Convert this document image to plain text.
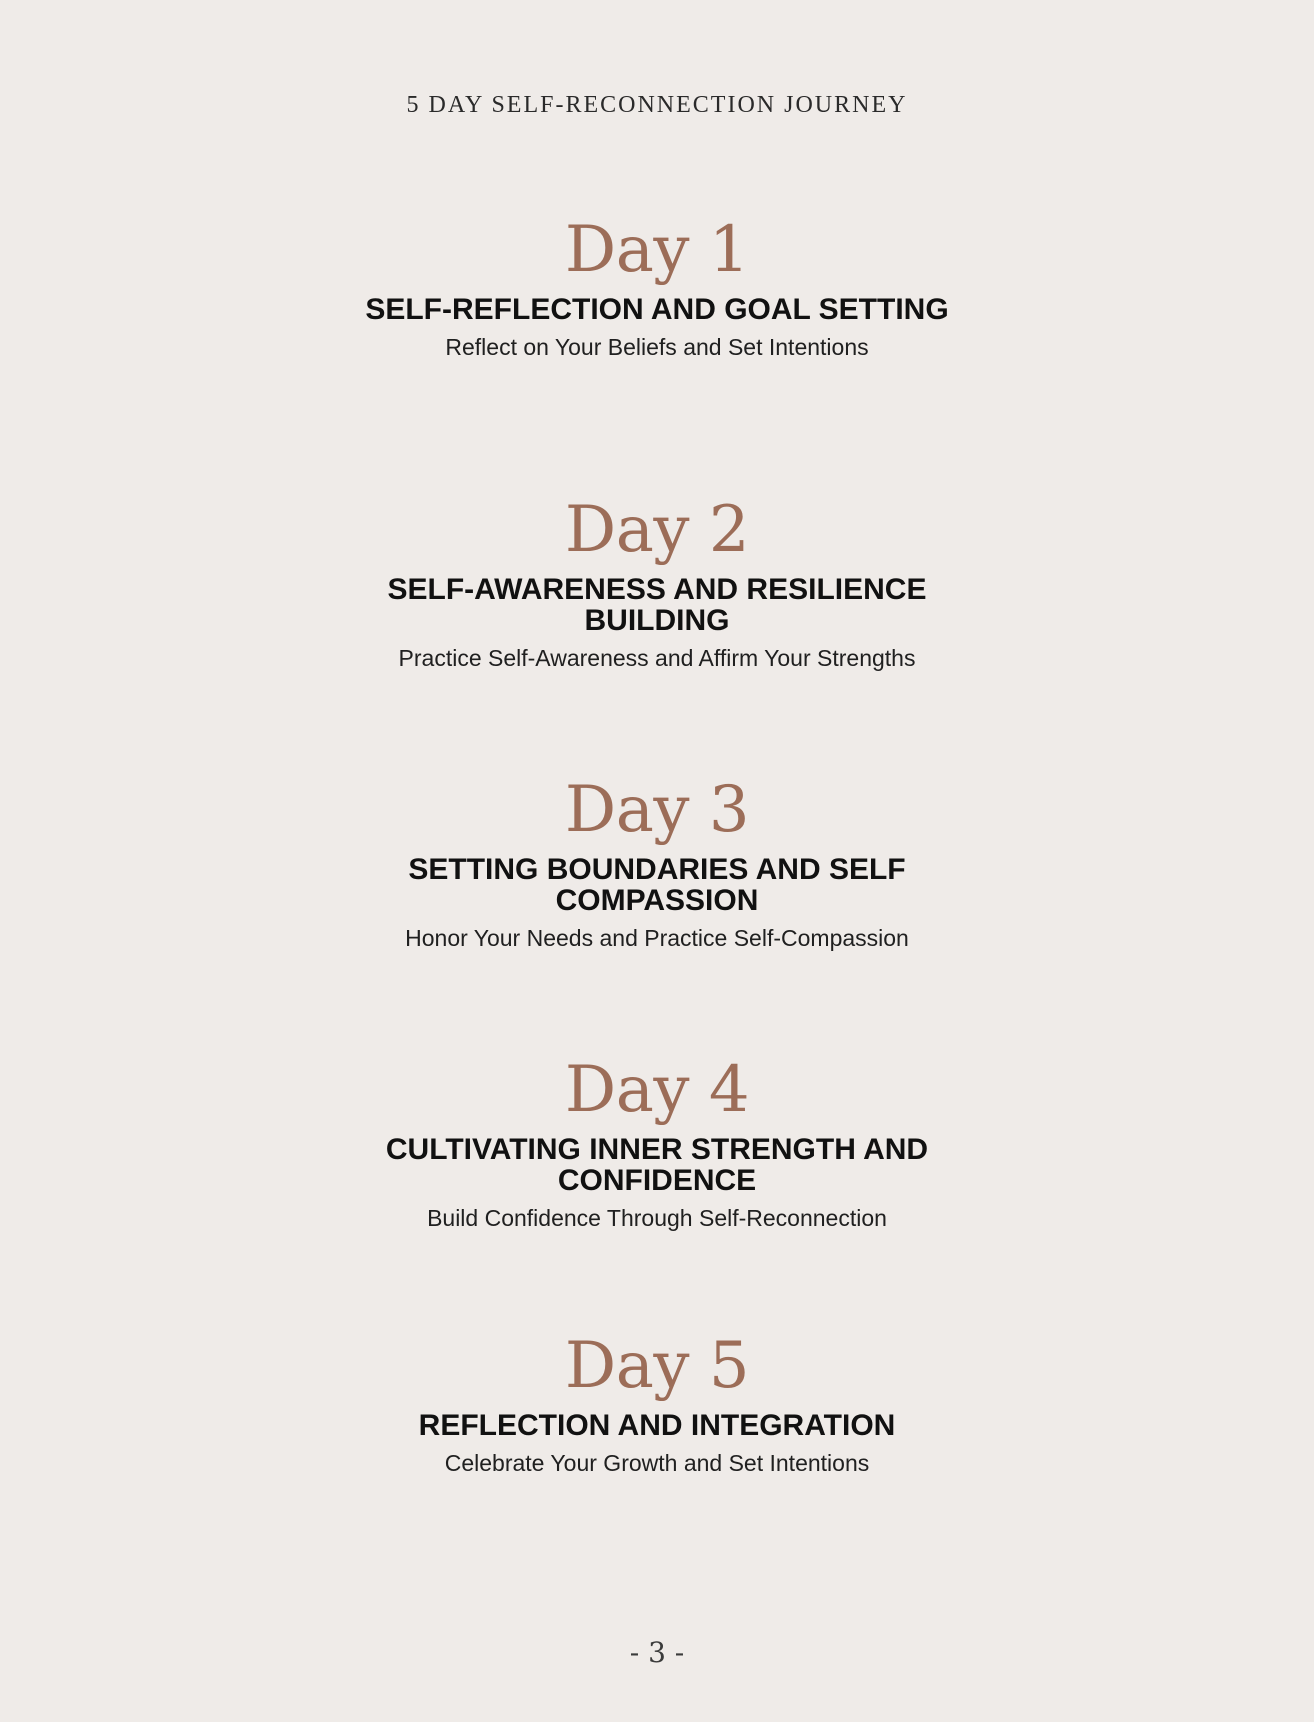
5 DAY SELF-RECONNECTION JOURNEY
Day 1
SELF-REFLECTION AND GOAL SETTING
Reflect on Your Beliefs and Set Intentions
Day 2
SELF-AWARENESS AND RESILIENCE BUILDING
Practice Self-Awareness and Affirm Your Strengths
Day 3
SETTING BOUNDARIES AND SELF COMPASSION
Honor Your Needs and Practice Self-Compassion
Day 4
CULTIVATING INNER STRENGTH AND CONFIDENCE
Build Confidence Through Self-Reconnection
Day 5
REFLECTION AND INTEGRATION
Celebrate Your Growth and Set Intentions
- 3 -
